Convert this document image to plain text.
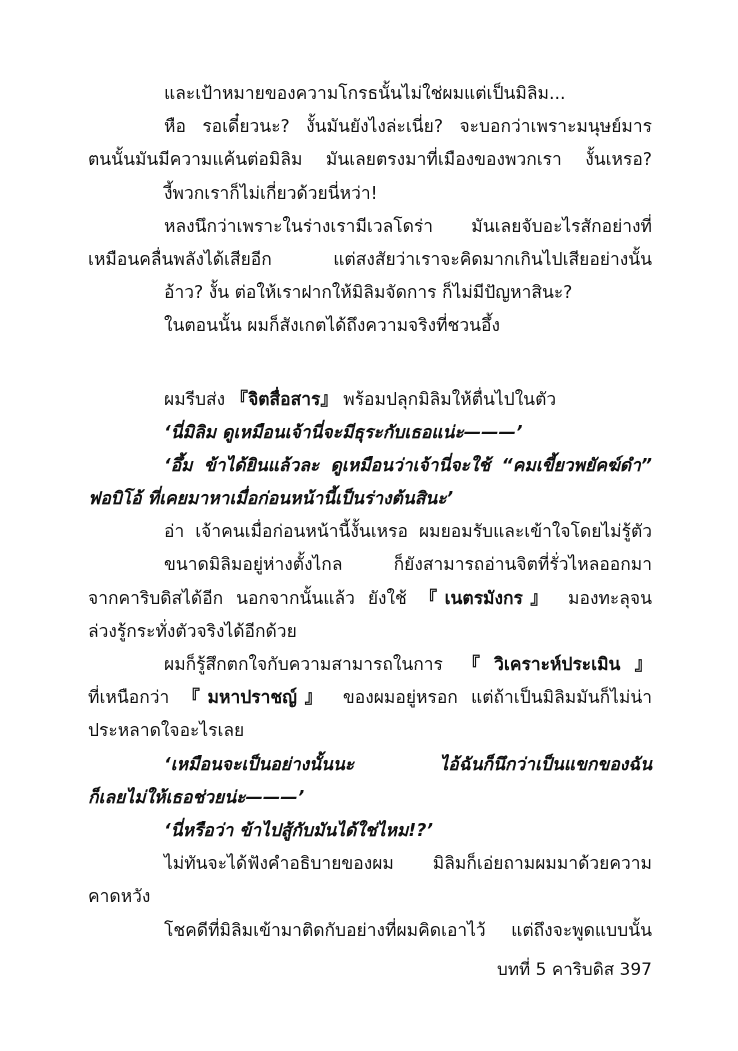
และเป้าหมายของความโกรธนั้นไม่ใช่ผมแต่เป็นมิลิม...
หือ รอเดี๋ยวนะ? งั้นมันยังไงล่ะเนี่ย? จะบอกว่าเพราะมนุษย์มาร
ตนนั้นมันมีความแค้นต่อมิลิม มันเลยตรงมาที่เมืองของพวกเรา งั้นเหรอ?
งี้พวกเราก็ไม่เกี่ยวด้วยนี่หว่า!
หลงนึกว่าเพราะในร่างเรามีเวลโดร่า มันเลยจับอะไรสักอย่างที่
เหมือนคลื่นพลังได้เสียอีก แต่สงสัยว่าเราจะคิดมากเกินไปเสียอย่างนั้น
อ้าว? งั้น ต่อให้เราฝากให้มิลิมจัดการ ก็ไม่มีปัญหาสินะ?
ในตอนนั้น ผมก็สังเกตได้ถึงความจริงที่ชวนอึ้ง
ผมรีบส่ง 『จิตสื่อสาร』 พร้อมปลุกมิลิมให้ตื่นไปในตัว
‘นี่มิลิม ดูเหมือนเจ้านี่จะมีธุระกับเธอแน่ะ———’
‘อึ้ม ข้าได้ยินแล้วละ ดูเหมือนว่าเจ้านี่จะใช้ “คมเขี้ยวพยัคฆ์ดำ”
ฟอบิโอ้ ที่เคยมาหาเมื่อก่อนหน้านี้เป็นร่างต้นสินะ’
อ่า เจ้าคนเมื่อก่อนหน้านี้งั้นเหรอ ผมยอมรับและเข้าใจโดยไม่รู้ตัว
ขนาดมิลิมอยู่ห่างตั้งไกล ก็ยังสามารถอ่านจิตที่รั่วไหลออกมา
จากคาริบดิสได้อีก นอกจากนั้นแล้ว ยังใช้ 『เนตรมังกร』 มองทะลุจน
ล่วงรู้กระทั่งตัวจริงได้อีกด้วย
ผมก็รู้สึกตกใจกับความสามารถในการ 『วิเคราะห์ประเมิน』
ที่เหนือกว่า 『มหาปราชญ์』 ของผมอยู่หรอก แต่ถ้าเป็นมิลิมมันก็ไม่น่า
ประหลาดใจอะไรเลย
‘เหมือนจะเป็นอย่างนั้นนะ ไอ้ฉันก็นึกว่าเป็นแขกของฉัน
ก็เลยไม่ให้เธอช่วยน่ะ———’
‘นี่หรือว่า ข้าไปสู้กับมันได้ใช่ไหม!?’
ไม่ทันจะได้ฟังคำอธิบายของผม มิลิมก็เอ่ยถามผมมาด้วยความ
คาดหวัง
โชคดีที่มิลิมเข้ามาติดกับอย่างที่ผมคิดเอาไว้ แต่ถึงจะพูดแบบนั้น
บทที่ 5 คาริบดิส 397
